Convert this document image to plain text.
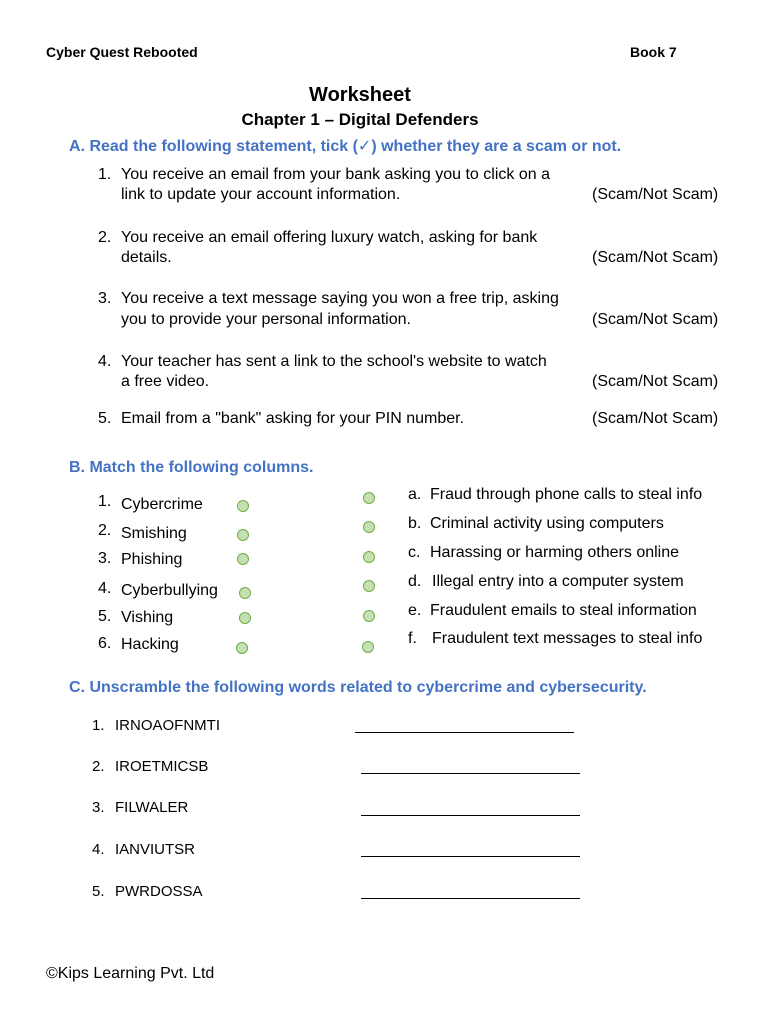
Cyber Quest Rebooted	Book 7
Worksheet
Chapter 1 – Digital Defenders
A. Read the following statement, tick (✓) whether they are a scam or not.
1. You receive an email from your bank asking you to click on a
link to update your account information.	(Scam/Not Scam)
2. You receive an email offering luxury watch, asking for bank
details.	(Scam/Not Scam)
3. You receive a text message saying you won a free trip, asking
you to provide your personal information.	(Scam/Not Scam)
4. Your teacher has sent a link to the school's website to watch
a free video.	(Scam/Not Scam)
5. Email from a "bank" asking for your PIN number.	(Scam/Not Scam)
B. Match the following columns.
1. Cybercrime
2. Smishing
3. Phishing
4. Cyberbullying
5. Vishing
6. Hacking
a. Fraud through phone calls to steal info
b. Criminal activity using computers
c. Harassing or harming others online
d. Illegal entry into a computer system
e. Fraudulent emails to steal information
f. Fraudulent text messages to steal info
C. Unscramble the following words related to cybercrime and cybersecurity.
1. IRNOAOFNMTI
2. IROETMICSB
3. FILWALER
4. IANVIUTSR
5. PWRDOSSA
©Kips Learning Pvt. Ltd
